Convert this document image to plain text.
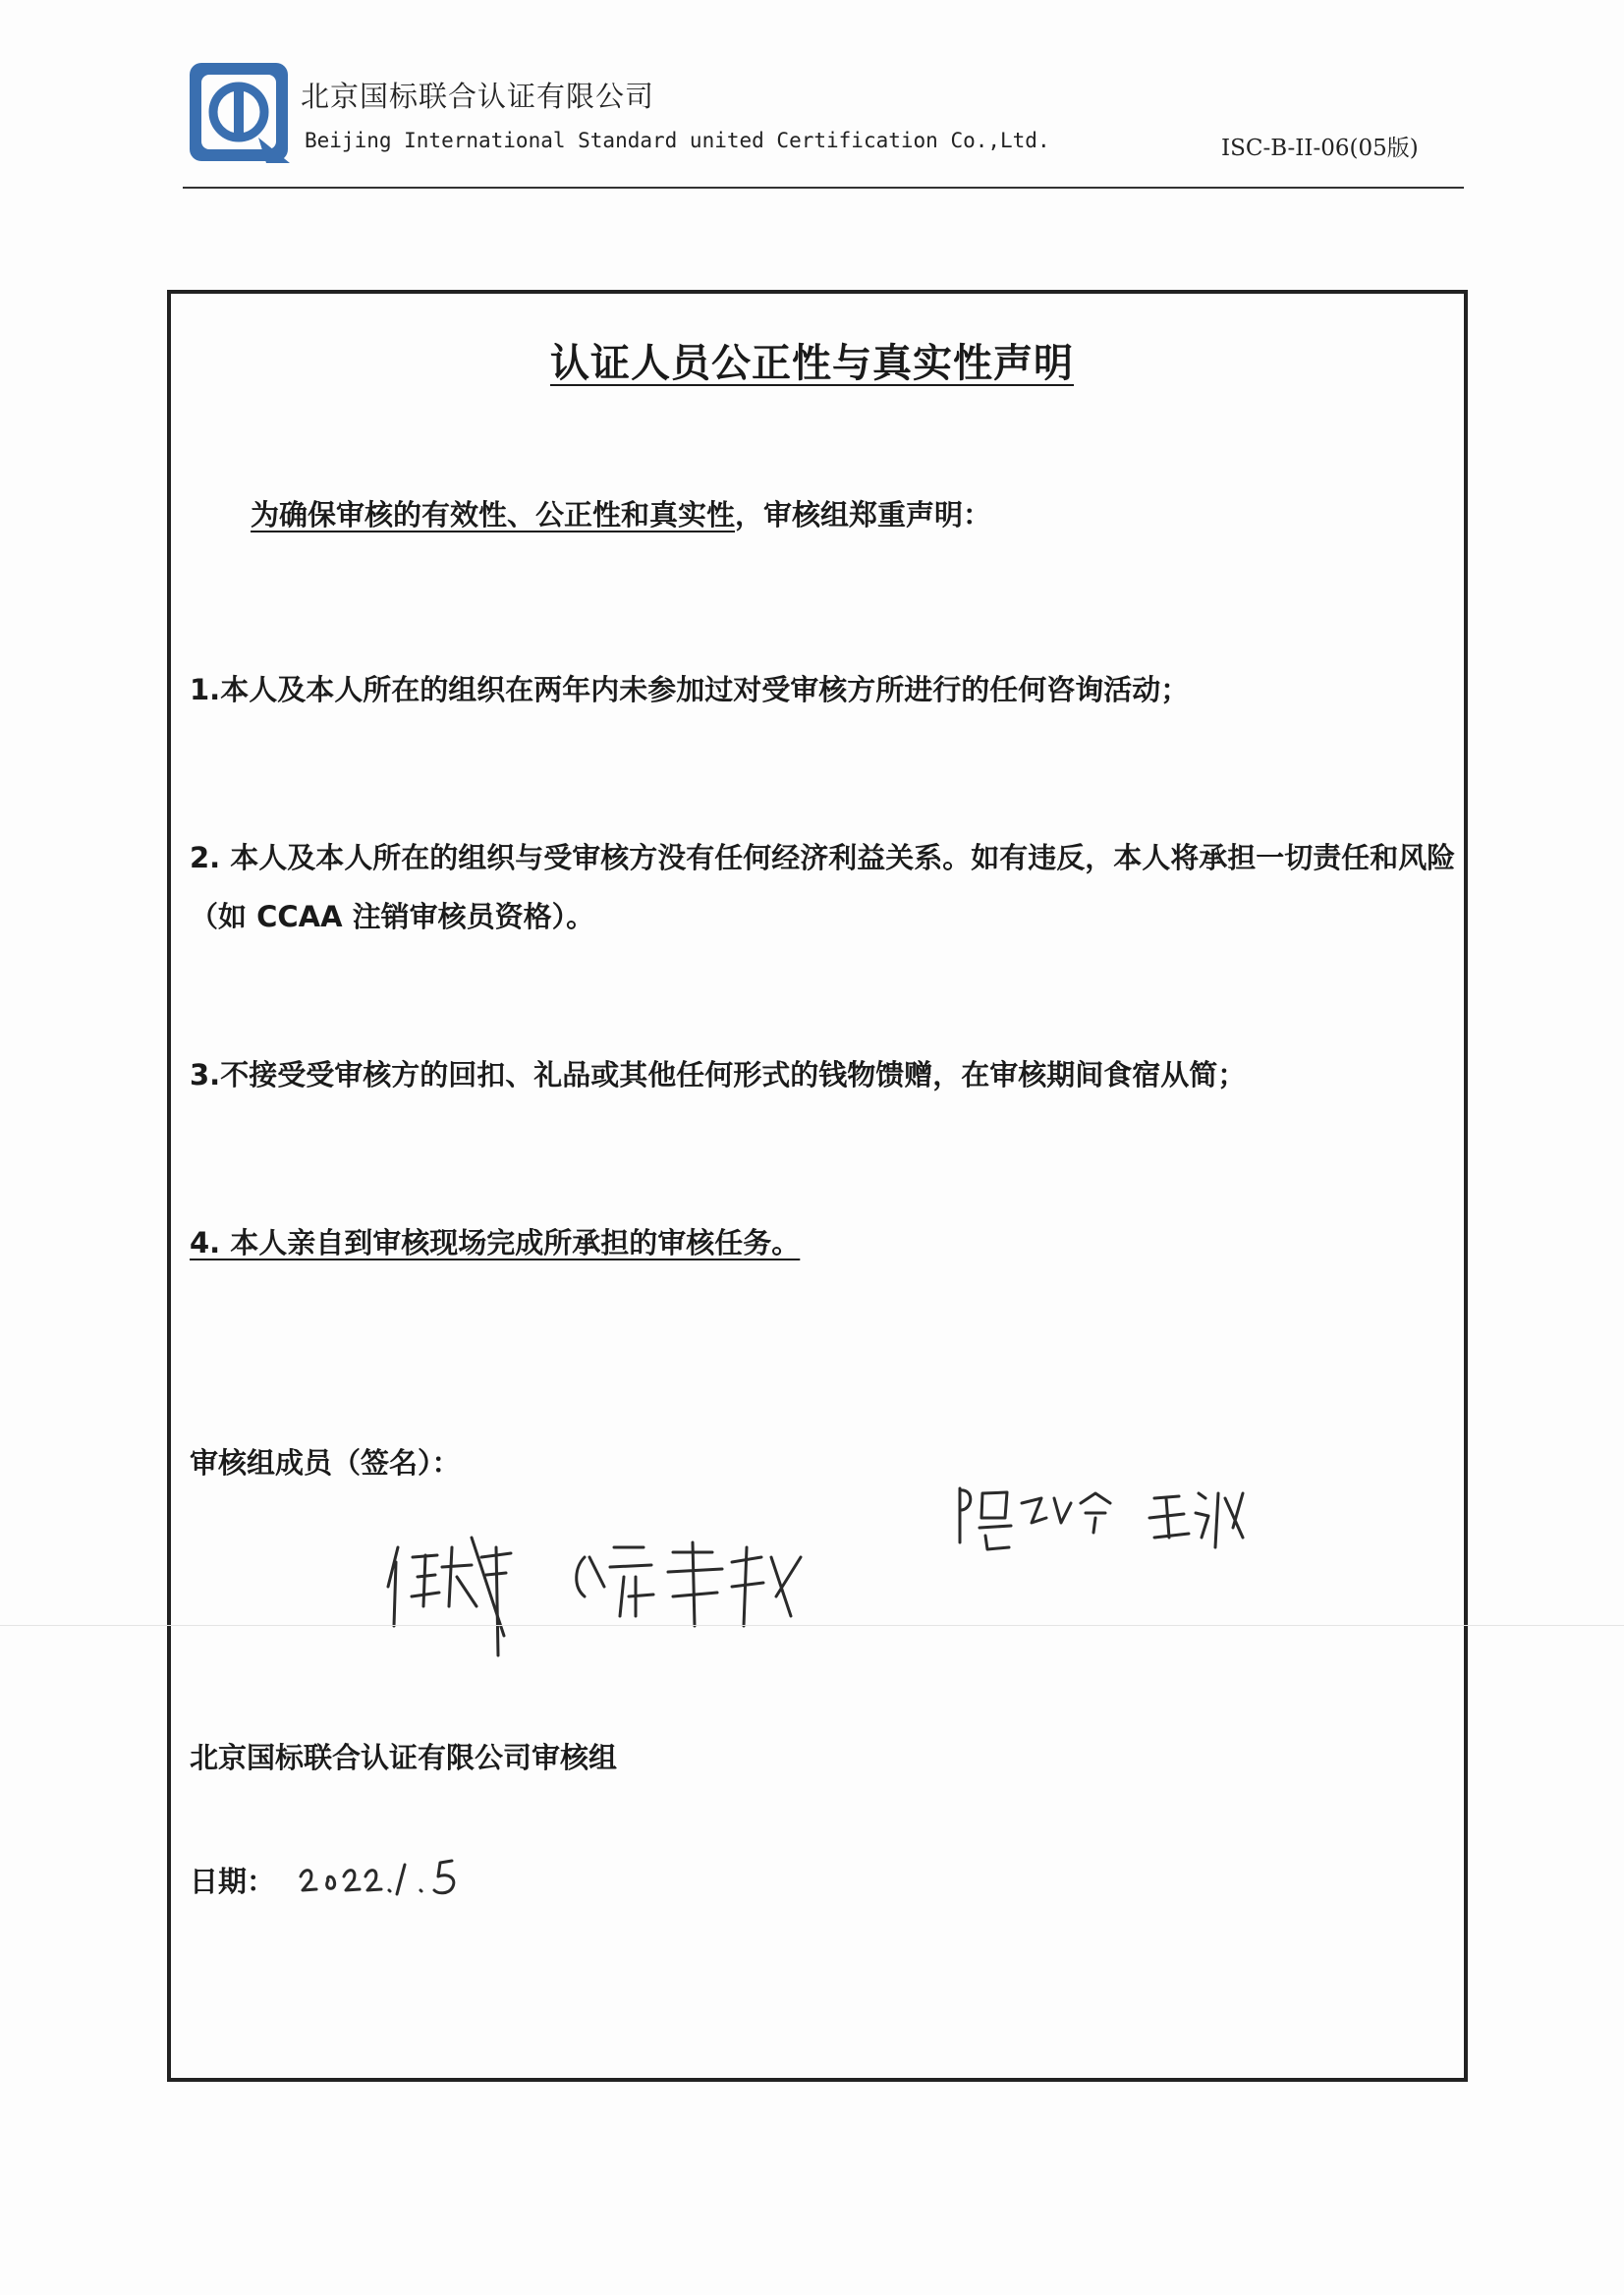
北京国标联合认证有限公司
Beijing International Standard united Certification Co.,Ltd.	ISC-B-II-06(05版)
认证人员公正性与真实性声明
为确保审核的有效性、公正性和真实性，审核组郑重声明：
1.本人及本人所在的组织在两年内未参加过对受审核方所进行的任何咨询活动；
2. 本人及本人所在的组织与受审核方没有任何经济利益关系。如有违反，本人将承担一切责任和风险（如 CCAA 注销审核员资格）。
3.不接受受审核方的回扣、礼品或其他任何形式的钱物馈赠，在审核期间食宿从简；
4. 本人亲自到审核现场完成所承担的审核任务。
审核组成员（签名）：
北京国标联合认证有限公司审核组
日期：
